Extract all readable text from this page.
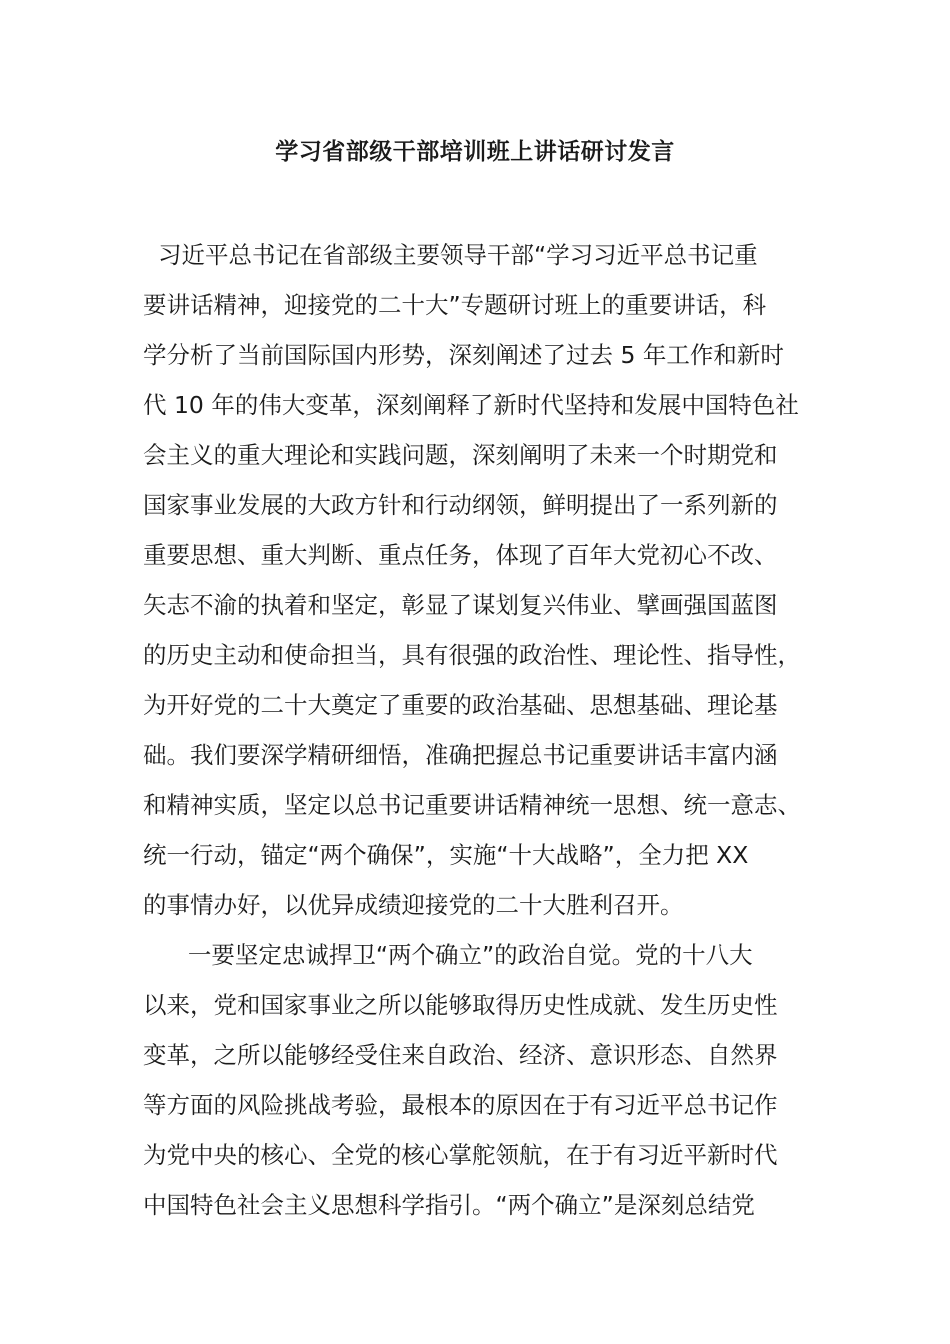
学习省部级干部培训班上讲话研讨发言
习近平总书记在省部级主要领导干部“学习习近平总书记重
要讲话精神，迎接党的二十大”专题研讨班上的重要讲话，科
学分析了当前国际国内形势，深刻阐述了过去 5 年工作和新时
代 10 年的伟大变革，深刻阐释了新时代坚持和发展中国特色社
会主义的重大理论和实践问题，深刻阐明了未来一个时期党和
国家事业发展的大政方针和行动纲领，鲜明提出了一系列新的
重要思想、重大判断、重点任务，体现了百年大党初心不改、
矢志不渝的执着和坚定，彰显了谋划复兴伟业、擘画强国蓝图
的历史主动和使命担当，具有很强的政治性、理论性、指导性，
为开好党的二十大奠定了重要的政治基础、思想基础、理论基
础。我们要深学精研细悟，准确把握总书记重要讲话丰富内涵
和精神实质，坚定以总书记重要讲话精神统一思想、统一意志、
统一行动，锚定“两个确保”，实施“十大战略”，全力把 XX
的事情办好，以优异成绩迎接党的二十大胜利召开。
一要坚定忠诚捍卫“两个确立”的政治自觉。党的十八大
以来，党和国家事业之所以能够取得历史性成就、发生历史性
变革，之所以能够经受住来自政治、经济、意识形态、自然界
等方面的风险挑战考验，最根本的原因在于有习近平总书记作
为党中央的核心、全党的核心掌舵领航，在于有习近平新时代
中国特色社会主义思想科学指引。“两个确立”是深刻总结党
